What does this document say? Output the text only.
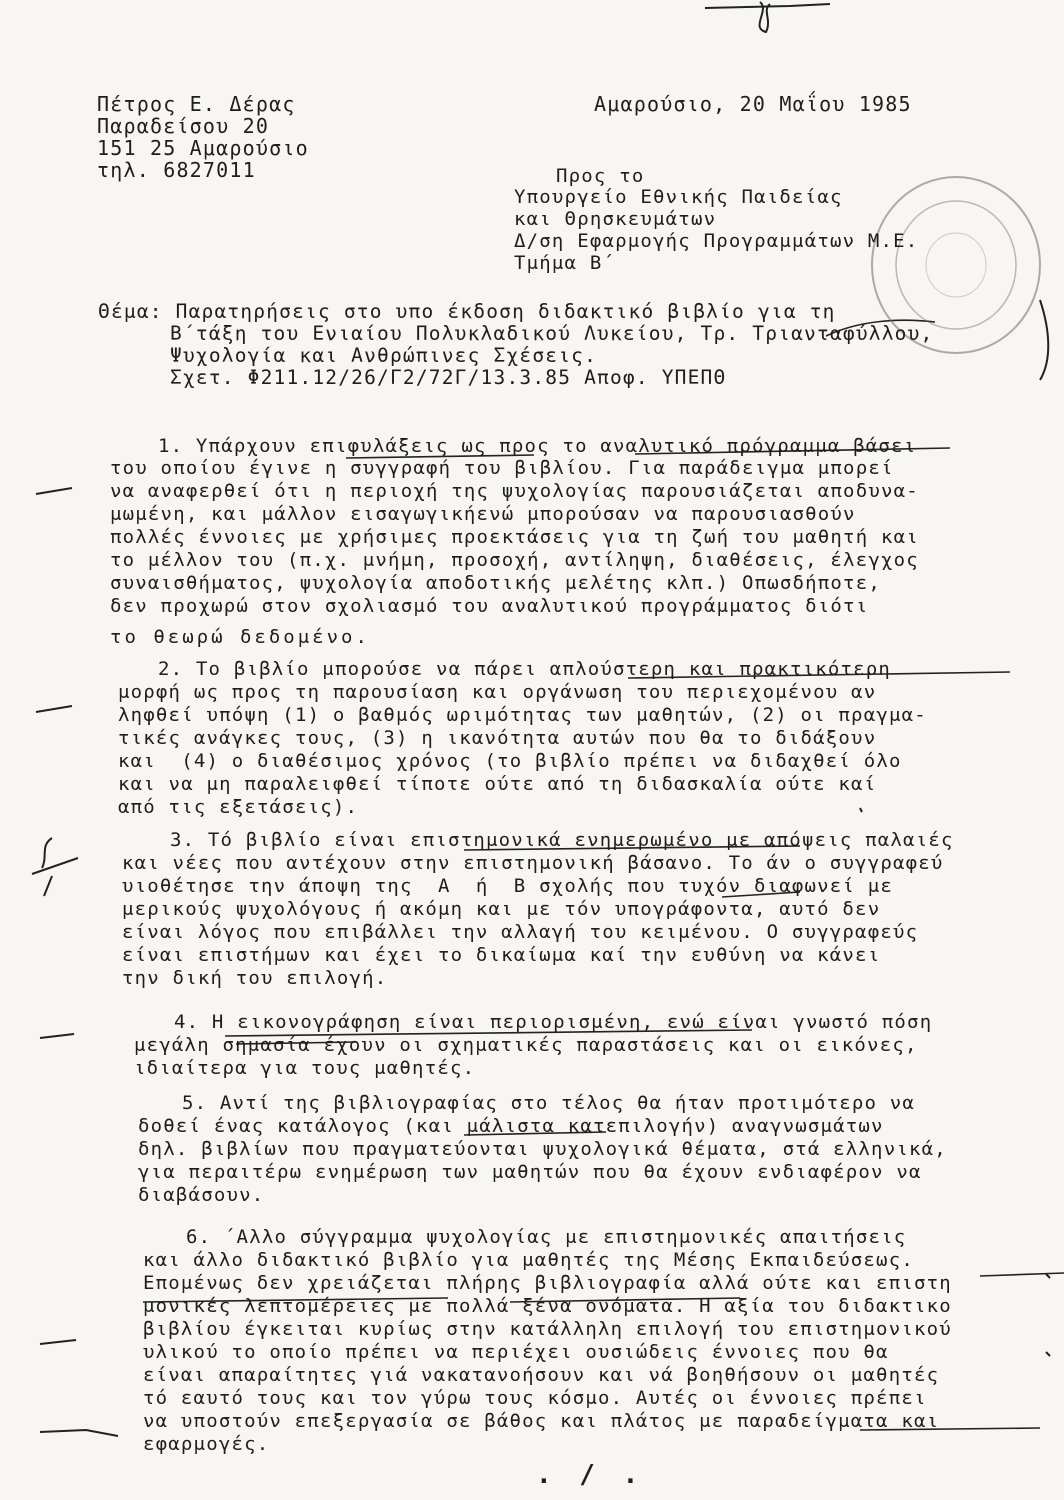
Πέτρος Ε. Δέρας
Παραδείσου 20
151 25 Αμαρούσιο
τηλ. 6827011
Αμαρούσιο, 20 Μαΐου 1985
Προς το
Υπουργείο Εθνικής Παιδείας
και Θρησκευμάτων
Δ/ση Εφαρμογής Προγραμμάτων Μ.Ε.
Τμήμα Β΄
Θέμα: Παρατηρήσεις στο υπο έκδοση διδακτικό βιβλίο για τη
Β΄τάξη του Ενιαίου Πολυκλαδικού Λυκείου, Τρ. Τριανταφύλλου,
Ψυχολογία και Ανθρώπινες Σχέσεις.
Σχετ. Φ211.12/26/Γ2/72Γ/13.3.85 Αποφ. ΥΠΕΠΘ
1. Υπάρχουν επιφυλάξεις ως προς το αναλυτικό πρόγραμμα βάσει
του οποίου έγινε η συγγραφή του βιβλίου. Για παράδειγμα μπορεί
να αναφερθεί ότι η περιοχή της ψυχολογίας παρουσιάζεται αποδυνα-
μωμένη, και μάλλον εισαγωγικήενώ μπορούσαν να παρουσιασθούν
πολλές έννοιες με χρήσιμες προεκτάσεις για τη ζωή του μαθητή και
το μέλλον του (π.χ. μνήμη, προσοχή, αντίληψη, διαθέσεις, έλεγχος
συναισθήματος, ψυχολογία αποδοτικής μελέτης κλπ.) Οπωσδήποτε,
δεν προχωρώ στον σχολιασμό του αναλυτικού προγράμματος διότι
το θεωρώ δεδομένο.
2. Το βιβλίο μπορούσε να πάρει απλούστερη και πρακτικότερη
μορφή ως προς τη παρουσίαση και οργάνωση του περιεχομένου αν
ληφθεί υπόψη (1) ο βαθμός ωριμότητας των μαθητών, (2) οι πραγμα-
τικές ανάγκες τους, (3) η ικανότητα αυτών που θα το διδάξουν
και  (4) ο διαθέσιμος χρόνος (το βιβλίο πρέπει να διδαχθεί όλο
και να μη παραλειφθεί τίποτε ούτε από τη διδασκαλία ούτε καί
από τις εξετάσεις).
3. Τό βιβλίο είναι επιστημονικά ενημερωμένο με απόψεις παλαιές
και νέες που αντέχουν στην επιστημονική βάσανο. Το άν ο συγγραφεύ
υιοθέτησε την άποψη της  Α  ή  Β σχολής που τυχόν διαφωνεί με
μερικούς ψυχολόγους ή ακόμη και με τόν υπογράφοντα, αυτό δεν
είναι λόγος που επιβάλλει την αλλαγή του κειμένου. Ο συγγραφεύς
είναι επιστήμων και έχει το δικαίωμα καί την ευθύνη να κάνει
την δική του επιλογή.
4. Η εικονογράφηση είναι περιορισμένη, ενώ είναι γνωστό πόση
μεγάλη σημασία έχουν οι σχηματικές παραστάσεις και οι εικόνες,
ιδιαίτερα για τους μαθητές.
5. Αντί της βιβλιογραφίας στο τέλος θα ήταν προτιμότερο να
δοθεί ένας κατάλογος (και μάλιστα κατεπιλογήν) αναγνωσμάτων
δηλ. βιβλίων που πραγματεύονται ψυχολογικά θέματα, στά ελληνικά,
για περαιτέρω ενημέρωση των μαθητών που θα έχουν ενδιαφέρον να
διαβάσουν.
6. ΄Αλλο σύγγραμμα ψυχολογίας με επιστημονικές απαιτήσεις
και άλλο διδακτικό βιβλίο για μαθητές της Μέσης Εκπαιδεύσεως.
Επομένως δεν χρειάζεται πλήρης βιβλιογραφία αλλά ούτε και επιστη
μονικές λεπτομέρειες με πολλά ξένα ονόματα. Η αξία του διδακτικο
βιβλίου έγκειται κυρίως στην κατάλληλη επιλογή του επιστημονικού
υλικού το οποίο πρέπει να περιέχει ουσιώδεις έννοιες που θα
είναι απαραίτητες γιά νακατανοήσουν και νά βοηθήσουν οι μαθητές
τό εαυτό τους και τον γύρω τους κόσμο. Αυτές οι έννοιες πρέπει
να υποστούν επεξεργασία σε βάθος και πλάτος με παραδείγματα και
εφαρμογές.
. / .
